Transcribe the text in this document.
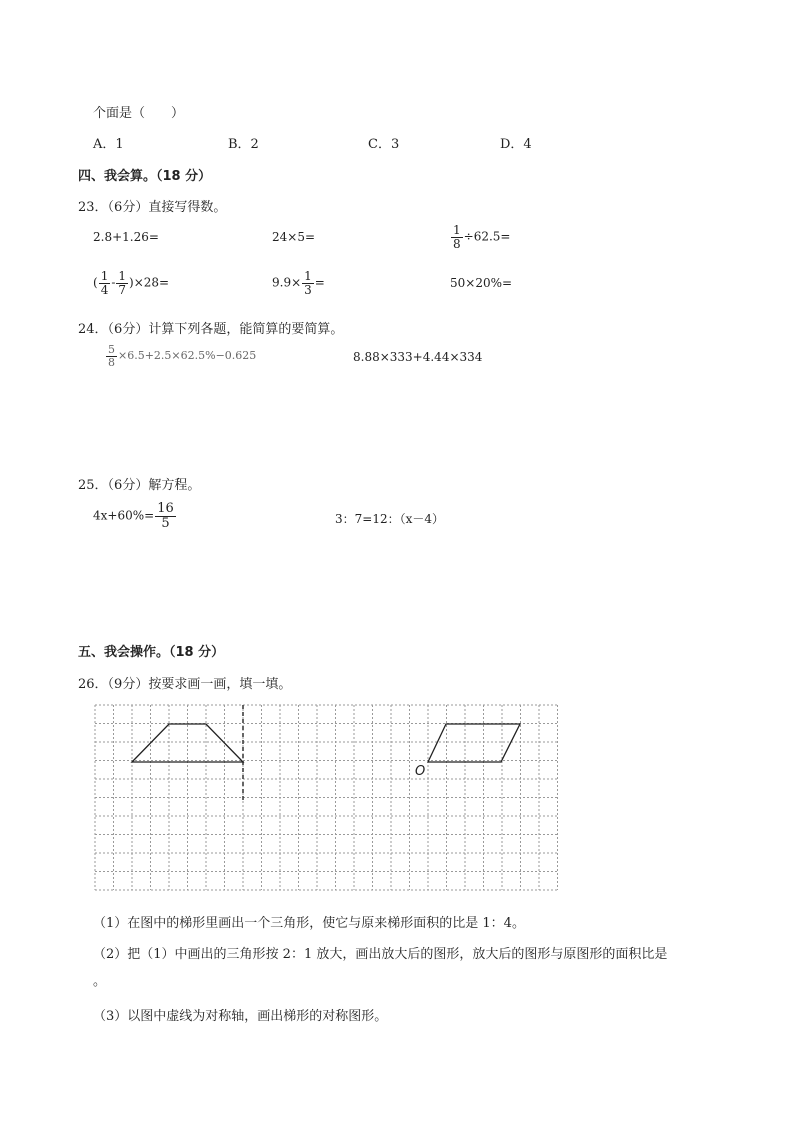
个面是（　　）
A．1	B．2	C．3	D．4
四、我会算。（18 分）
23．（6分）直接写得数。
2.8+1.26=	24×5=	$\frac{1}{8} \div 62.5=$
( $\frac{1}{4} - \frac{1}{7} )\times 28=$	$9.9\times \frac{1}{3}$ =	50×20%=
24．（6分）计算下列各题，能简算的要简算。
$\frac{5}{8} \times 6.5+2.5\times 62.5\%-0.625$	8.88×333+4.44×334
25．（6分）解方程。
$4x+60\%= \frac{16}{5}$	3：7=12：（x－4）
五、我会操作。（18 分）
26．（9分）按要求画一画，填一填。
O
（1）在图中的梯形里画出一个三角形，使它与原来梯形面积的比是 1：4。
（2）把（1）中画出的三角形按 2：1 放大，画出放大后的图形，放大后的图形与原图形的面积比是
。
（3）以图中虚线为对称轴，画出梯形的对称图形。
